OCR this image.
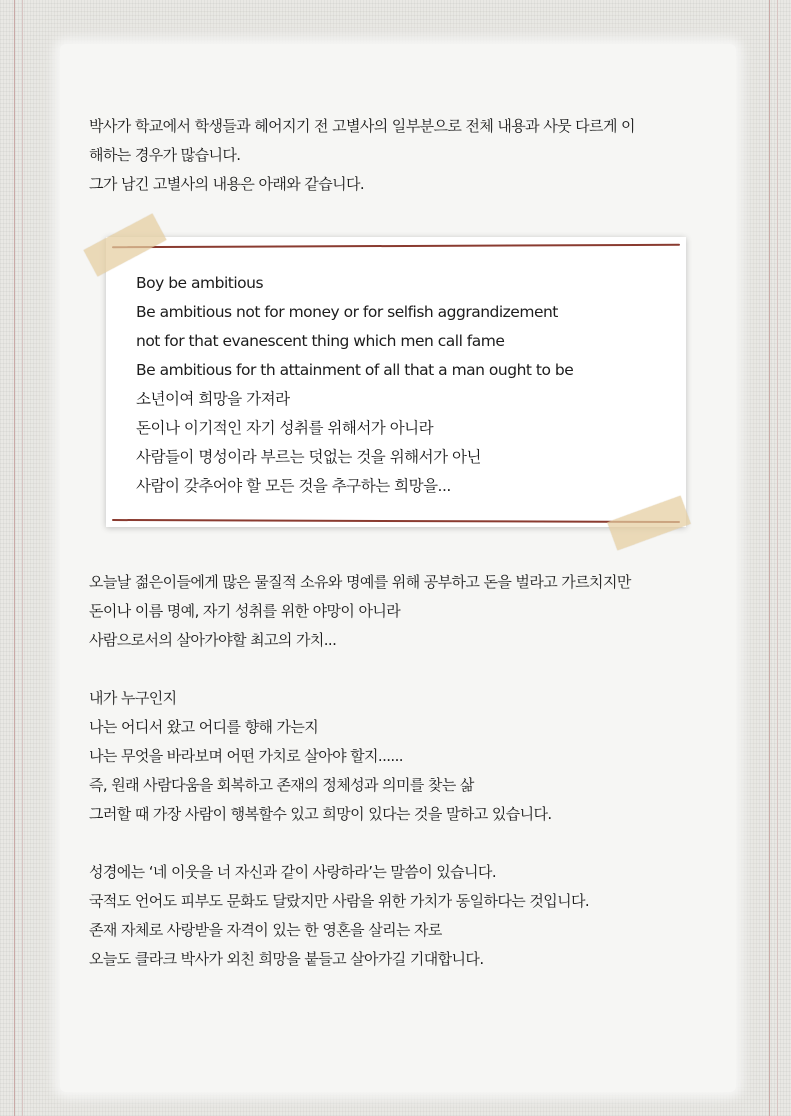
박사가 학교에서 학생들과 헤어지기 전 고별사의 일부분으로 전체 내용과 사뭇 다르게 이

해하는 경우가 많습니다.

그가 남긴 고별사의 내용은 아래와 같습니다.

Boy be ambitious

Be ambitious not for money or for selfish aggrandizement

not for that evanescent thing which men call fame

Be ambitious for th attainment of all that a man ought to be

소년이여 희망을 가져라

돈이나 이기적인 자기 성취를 위해서가 아니라

사람들이 명성이라 부르는 덧없는 것을 위해서가 아닌

사람이 갖추어야 할 모든 것을 추구하는 희망을...

오늘날 젊은이들에게 많은 물질적 소유와 명예를 위해 공부하고 돈을 벌라고 가르치지만

돈이나 이름 명예, 자기 성취를 위한 야망이 아니라

사람으로서의 살아가야할 최고의 가치...

내가 누구인지

나는 어디서 왔고 어디를 향해 가는지

나는 무엇을 바라보며 어떤 가치로 살아야 할지......

즉, 원래 사람다움을 회복하고 존재의 정체성과 의미를 찾는 삶

그러할 때 가장 사람이 행복할수 있고 희망이 있다는 것을 말하고 있습니다.

성경에는 ‘네 이웃을 너 자신과 같이 사랑하라’는 말씀이 있습니다.

국적도 언어도 피부도 문화도 달랐지만 사람을 위한 가치가 동일하다는 것입니다.

존재 자체로 사랑받을 자격이 있는 한 영혼을 살리는 자로

오늘도 클라크 박사가 외친 희망을 붙들고 살아가길 기대합니다.
